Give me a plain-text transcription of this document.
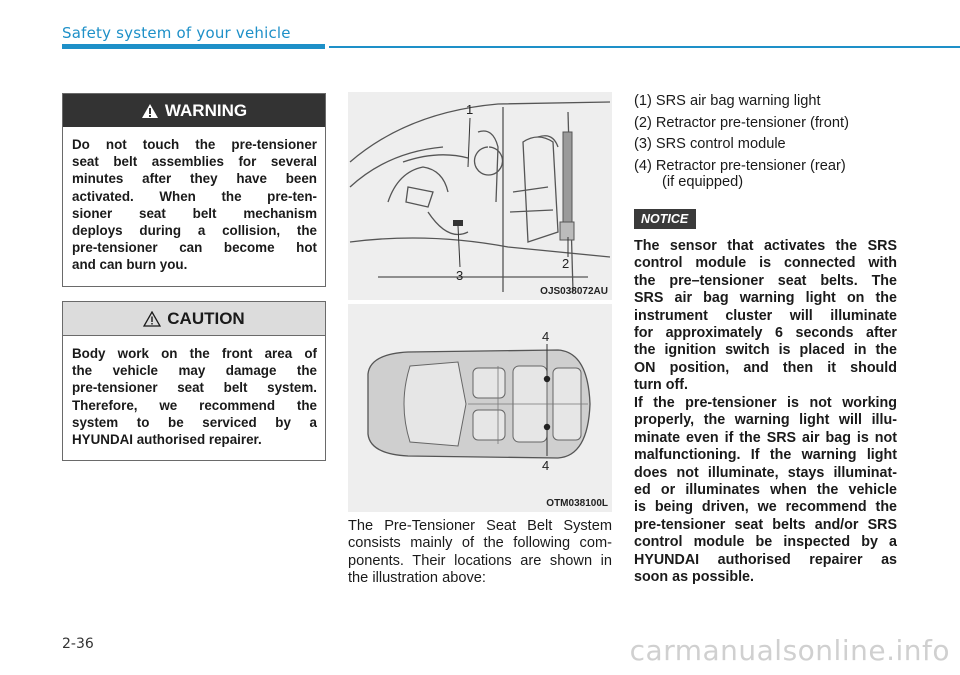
Safety system of your vehicle
WARNING
Do not touch the pre-tensioner
seat belt assemblies for several
minutes after they have been
activated. When the pre-ten-
sioner seat belt mechanism
deploys during a collision, the
pre-tensioner can become hot
and can burn you.
CAUTION
Body work on the front area of
the vehicle may damage the
pre-tensioner seat belt system.
Therefore, we recommend the
system to be serviced by a
HYUNDAI authorised repairer.
1
2
3
OJS038072AU
4
4
OTM038100L
The Pre-Tensioner Seat Belt System
consists mainly of the following com-
ponents. Their locations are shown in
the illustration above:
(1) SRS air bag warning light
(2) Retractor pre-tensioner (front)
(3) SRS control module
(4) Retractor pre-tensioner (rear)
(if equipped)
NOTICE
The sensor that activates the SRS
control module is connected with
the pre–tensioner seat belts. The
SRS air bag warning light on the
instrument cluster will illuminate
for approximately 6 seconds after
the ignition switch is placed in the
ON position, and then it should
turn off.
If the pre-tensioner is not working
properly, the warning light will illu-
minate even if the SRS air bag is not
malfunctioning. If the warning light
does not illuminate, stays illuminat-
ed or illuminates when the vehicle
is being driven, we recommend the
pre-tensioner seat belts and/or SRS
control module be inspected by a
HYUNDAI authorised repairer as
soon as possible.
2-36	carmanualsonline.info
